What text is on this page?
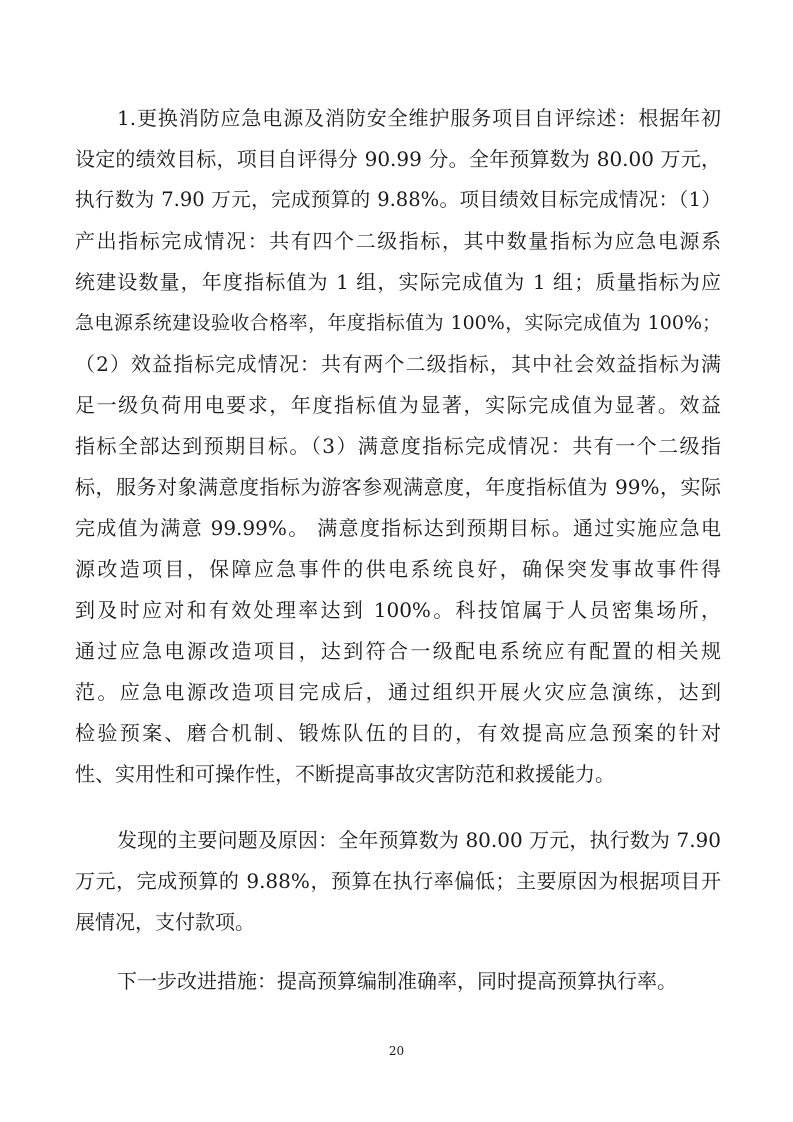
1.更换消防应急电源及消防安全维护服务项目自评综述：根据年初
设定的绩效目标，项目自评得分 90.99 分。全年预算数为 80.00 万元，
执行数为 7.90 万元，完成预算的 9.88%。项目绩效目标完成情况：（1）
产出指标完成情况：共有四个二级指标，其中数量指标为应急电源系
统建设数量，年度指标值为 1 组，实际完成值为 1 组；质量指标为应
急电源系统建设验收合格率，年度指标值为 100%，实际完成值为 100%；
（2）效益指标完成情况：共有两个二级指标，其中社会效益指标为满
足一级负荷用电要求，年度指标值为显著，实际完成值为显著。效益
指标全部达到预期目标。（3）满意度指标完成情况：共有一个二级指
标，服务对象满意度指标为游客参观满意度，年度指标值为 99%，实际
完成值为满意 99.99%。 满意度指标达到预期目标。通过实施应急电
源改造项目，保障应急事件的供电系统良好，确保突发事故事件得
到及时应对和有效处理率达到 100%。科技馆属于人员密集场所，
通过应急电源改造项目，达到符合一级配电系统应有配置的相关规
范。应急电源改造项目完成后，通过组织开展火灾应急演练，达到
检验预案、磨合机制、锻炼队伍的目的，有效提高应急预案的针对
性、实用性和可操作性，不断提高事故灾害防范和救援能力。
发现的主要问题及原因：全年预算数为 80.00 万元，执行数为 7.90
万元，完成预算的 9.88%，预算在执行率偏低；主要原因为根据项目开
展情况，支付款项。
下一步改进措施：提高预算编制准确率，同时提高预算执行率。
20
